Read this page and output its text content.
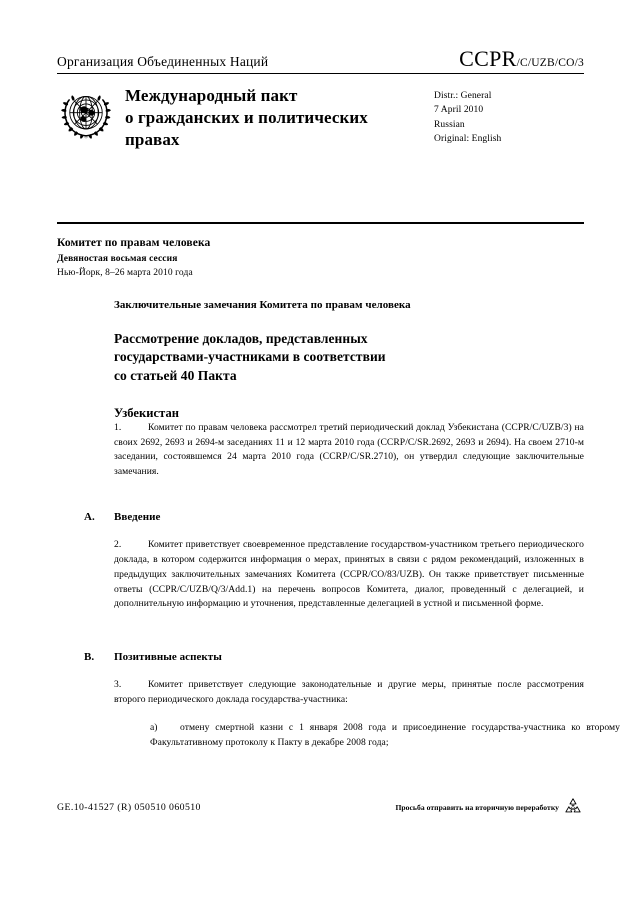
Организация Объединенных Наций	CCPR/C/UZB/CO/3
Международный пакт
о гражданских и политических
правах
Distr.: General
7 April 2010
Russian
Original: English
Комитет по правам человека
Девяностая восьмая сессия
Нью-Йорк, 8–26 марта 2010 года
Заключительные замечания Комитета по правам человека
Рассмотрение докладов, представленных
государствами-участниками в соответствии
со статьей 40 Пакта
Узбекистан

1.	Комитет по правам человека рассмотрел третий периодический доклад Узбекистана (CCPR/C/UZB/3) на своих 2692, 2693 и 2694-м заседаниях 11 и 12 марта 2010 года (CCRP/C/SR.2692, 2693 и 2694). На своем 2710-м заседании, состоявшемся 24 марта 2010 года (CCRP/C/SR.2710), он утвердил следующие заключительные замечания.

A. Введение

2.	Комитет приветствует своевременное представление государством-участником третьего периодического доклада, в котором содержится информация о мерах, принятых в связи с рядом рекомендаций, изложенных в предыдущих заключительных замечаниях Комитета (CCPR/CO/83/UZB). Он также приветствует письменные ответы (CCPR/C/UZB/Q/3/Add.1) на перечень вопросов Комитета, диалог, проведенный с делегацией, и дополнительную информацию и уточнения, представленные делегацией в устной и письменной форме.

B. Позитивные аспекты

3.	Комитет приветствует следующие законодательные и другие меры, принятые после рассмотрения второго периодического доклада государства-участника:

a) отмену смертной казни с 1 января 2008 года и присоединение государства-участника ко второму Факультативному протоколу к Пакту в декабре 2008 года;

GE.10-41527 (R) 050510 060510	Просьба отправить на вторичную переработку
